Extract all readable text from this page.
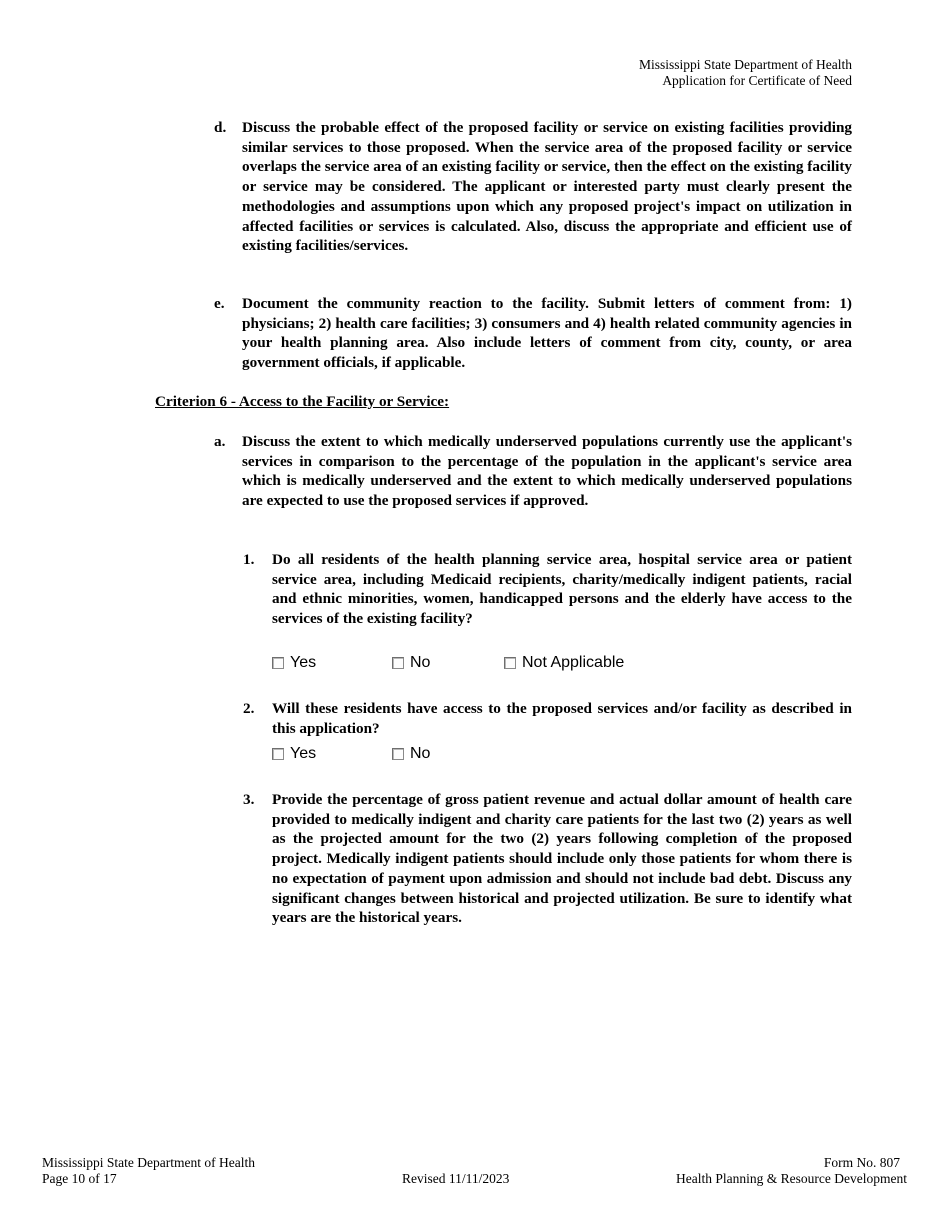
Mississippi State Department of Health
Application for Certificate of Need
d. Discuss the probable effect of the proposed facility or service on existing facilities providing similar services to those proposed. When the service area of the proposed facility or service overlaps the service area of an existing facility or service, then the effect on the existing facility or service may be considered. The applicant or interested party must clearly present the methodologies and assumptions upon which any proposed project's impact on utilization in affected facilities or services is calculated. Also, discuss the appropriate and efficient use of existing facilities/services.
e. Document the community reaction to the facility. Submit letters of comment from: 1) physicians; 2) health care facilities; 3) consumers and 4) health related community agencies in your health planning area. Also include letters of comment from city, county, or area government officials, if applicable.
Criterion 6 - Access to the Facility or Service:
a. Discuss the extent to which medically underserved populations currently use the applicant's services in comparison to the percentage of the population in the applicant's service area which is medically underserved and the extent to which medically underserved populations are expected to use the proposed services if approved.
1. Do all residents of the health planning service area, hospital service area or patient service area, including Medicaid recipients, charity/medically indigent patients, racial and ethnic minorities, women, handicapped persons and the elderly have access to the services of the existing facility?
Yes	No	Not Applicable
2. Will these residents have access to the proposed services and/or facility as described in this application?
Yes	No
3. Provide the percentage of gross patient revenue and actual dollar amount of health care provided to medically indigent and charity care patients for the last two (2) years as well as the projected amount for the two (2) years following completion of the proposed project. Medically indigent patients should include only those patients for whom there is no expectation of payment upon admission and should not include bad debt. Discuss any significant changes between historical and projected utilization. Be sure to identify what years are the historical years.
Mississippi State Department of Health
Page 10 of 17	Revised 11/11/2023
Form No. 807
Health Planning & Resource Development
